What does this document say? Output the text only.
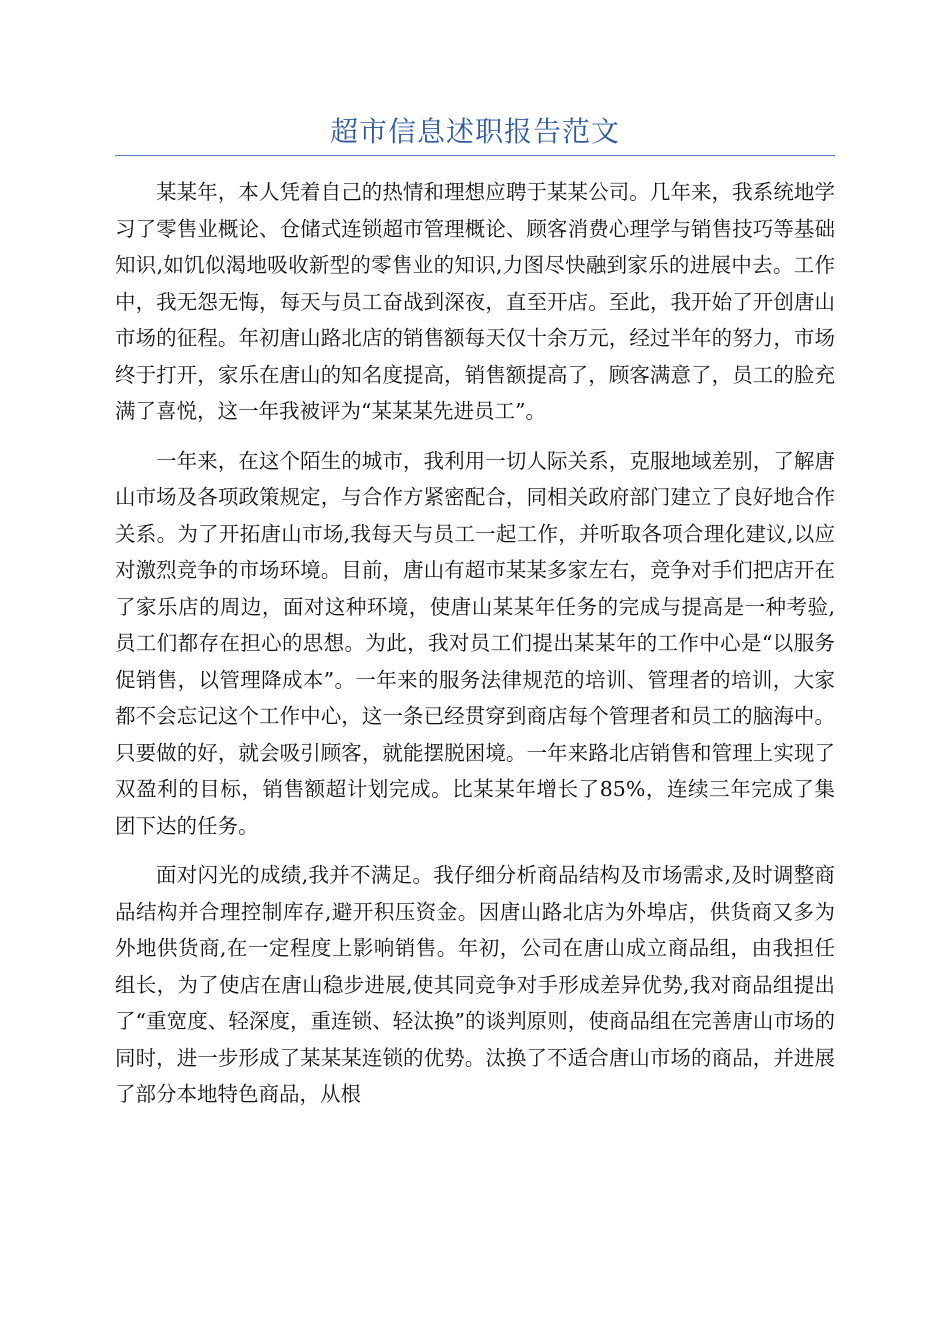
超市信息述职报告范文

某某年，本人凭着自己的热情和理想应聘于某某公司。几年来，我系统地学习了零售业概论、仓储式连锁超市管理概论、顾客消费心理学与销售技巧等基础知识,如饥似渴地吸收新型的零售业的知识,力图尽快融到家乐的进展中去。工作中，我无怨无悔，每天与员工奋战到深夜，直至开店。至此，我开始了开创唐山市场的征程。年初唐山路北店的销售额每天仅十余万元，经过半年的努力，市场终于打开，家乐在唐山的知名度提高，销售额提高了，顾客满意了，员工的脸充满了喜悦，这一年我被评为“某某某先进员工”。

一年来，在这个陌生的城市，我利用一切人际关系，克服地域差别，了解唐山市场及各项政策规定，与合作方紧密配合，同相关政府部门建立了良好地合作关系。为了开拓唐山市场,我每天与员工一起工作，并听取各项合理化建议,以应对激烈竞争的市场环境。目前，唐山有超市某某多家左右，竞争对手们把店开在了家乐店的周边，面对这种环境，使唐山某某年任务的完成与提高是一种考验,员工们都存在担心的思想。为此，我对员工们提出某某年的工作中心是“以服务促销售，以管理降成本”。一年来的服务法律规范的培训、管理者的培训，大家都不会忘记这个工作中心，这一条已经贯穿到商店每个管理者和员工的脑海中。只要做的好，就会吸引顾客，就能摆脱困境。一年来路北店销售和管理上实现了双盈利的目标，销售额超计划完成。比某某年增长了85%，连续三年完成了集团下达的任务。

面对闪光的成绩,我并不满足。我仔细分析商品结构及市场需求,及时调整商品结构并合理控制库存,避开积压资金。因唐山路北店为外埠店，供货商又多为外地供货商,在一定程度上影响销售。年初，公司在唐山成立商品组，由我担任组长，为了使店在唐山稳步进展,使其同竞争对手形成差异优势,我对商品组提出了“重宽度、轻深度，重连锁、轻汰换”的谈判原则，使商品组在完善唐山市场的同时，进一步形成了某某某连锁的优势。汰换了不适合唐山市场的商品，并进展了部分本地特色商品，从根
